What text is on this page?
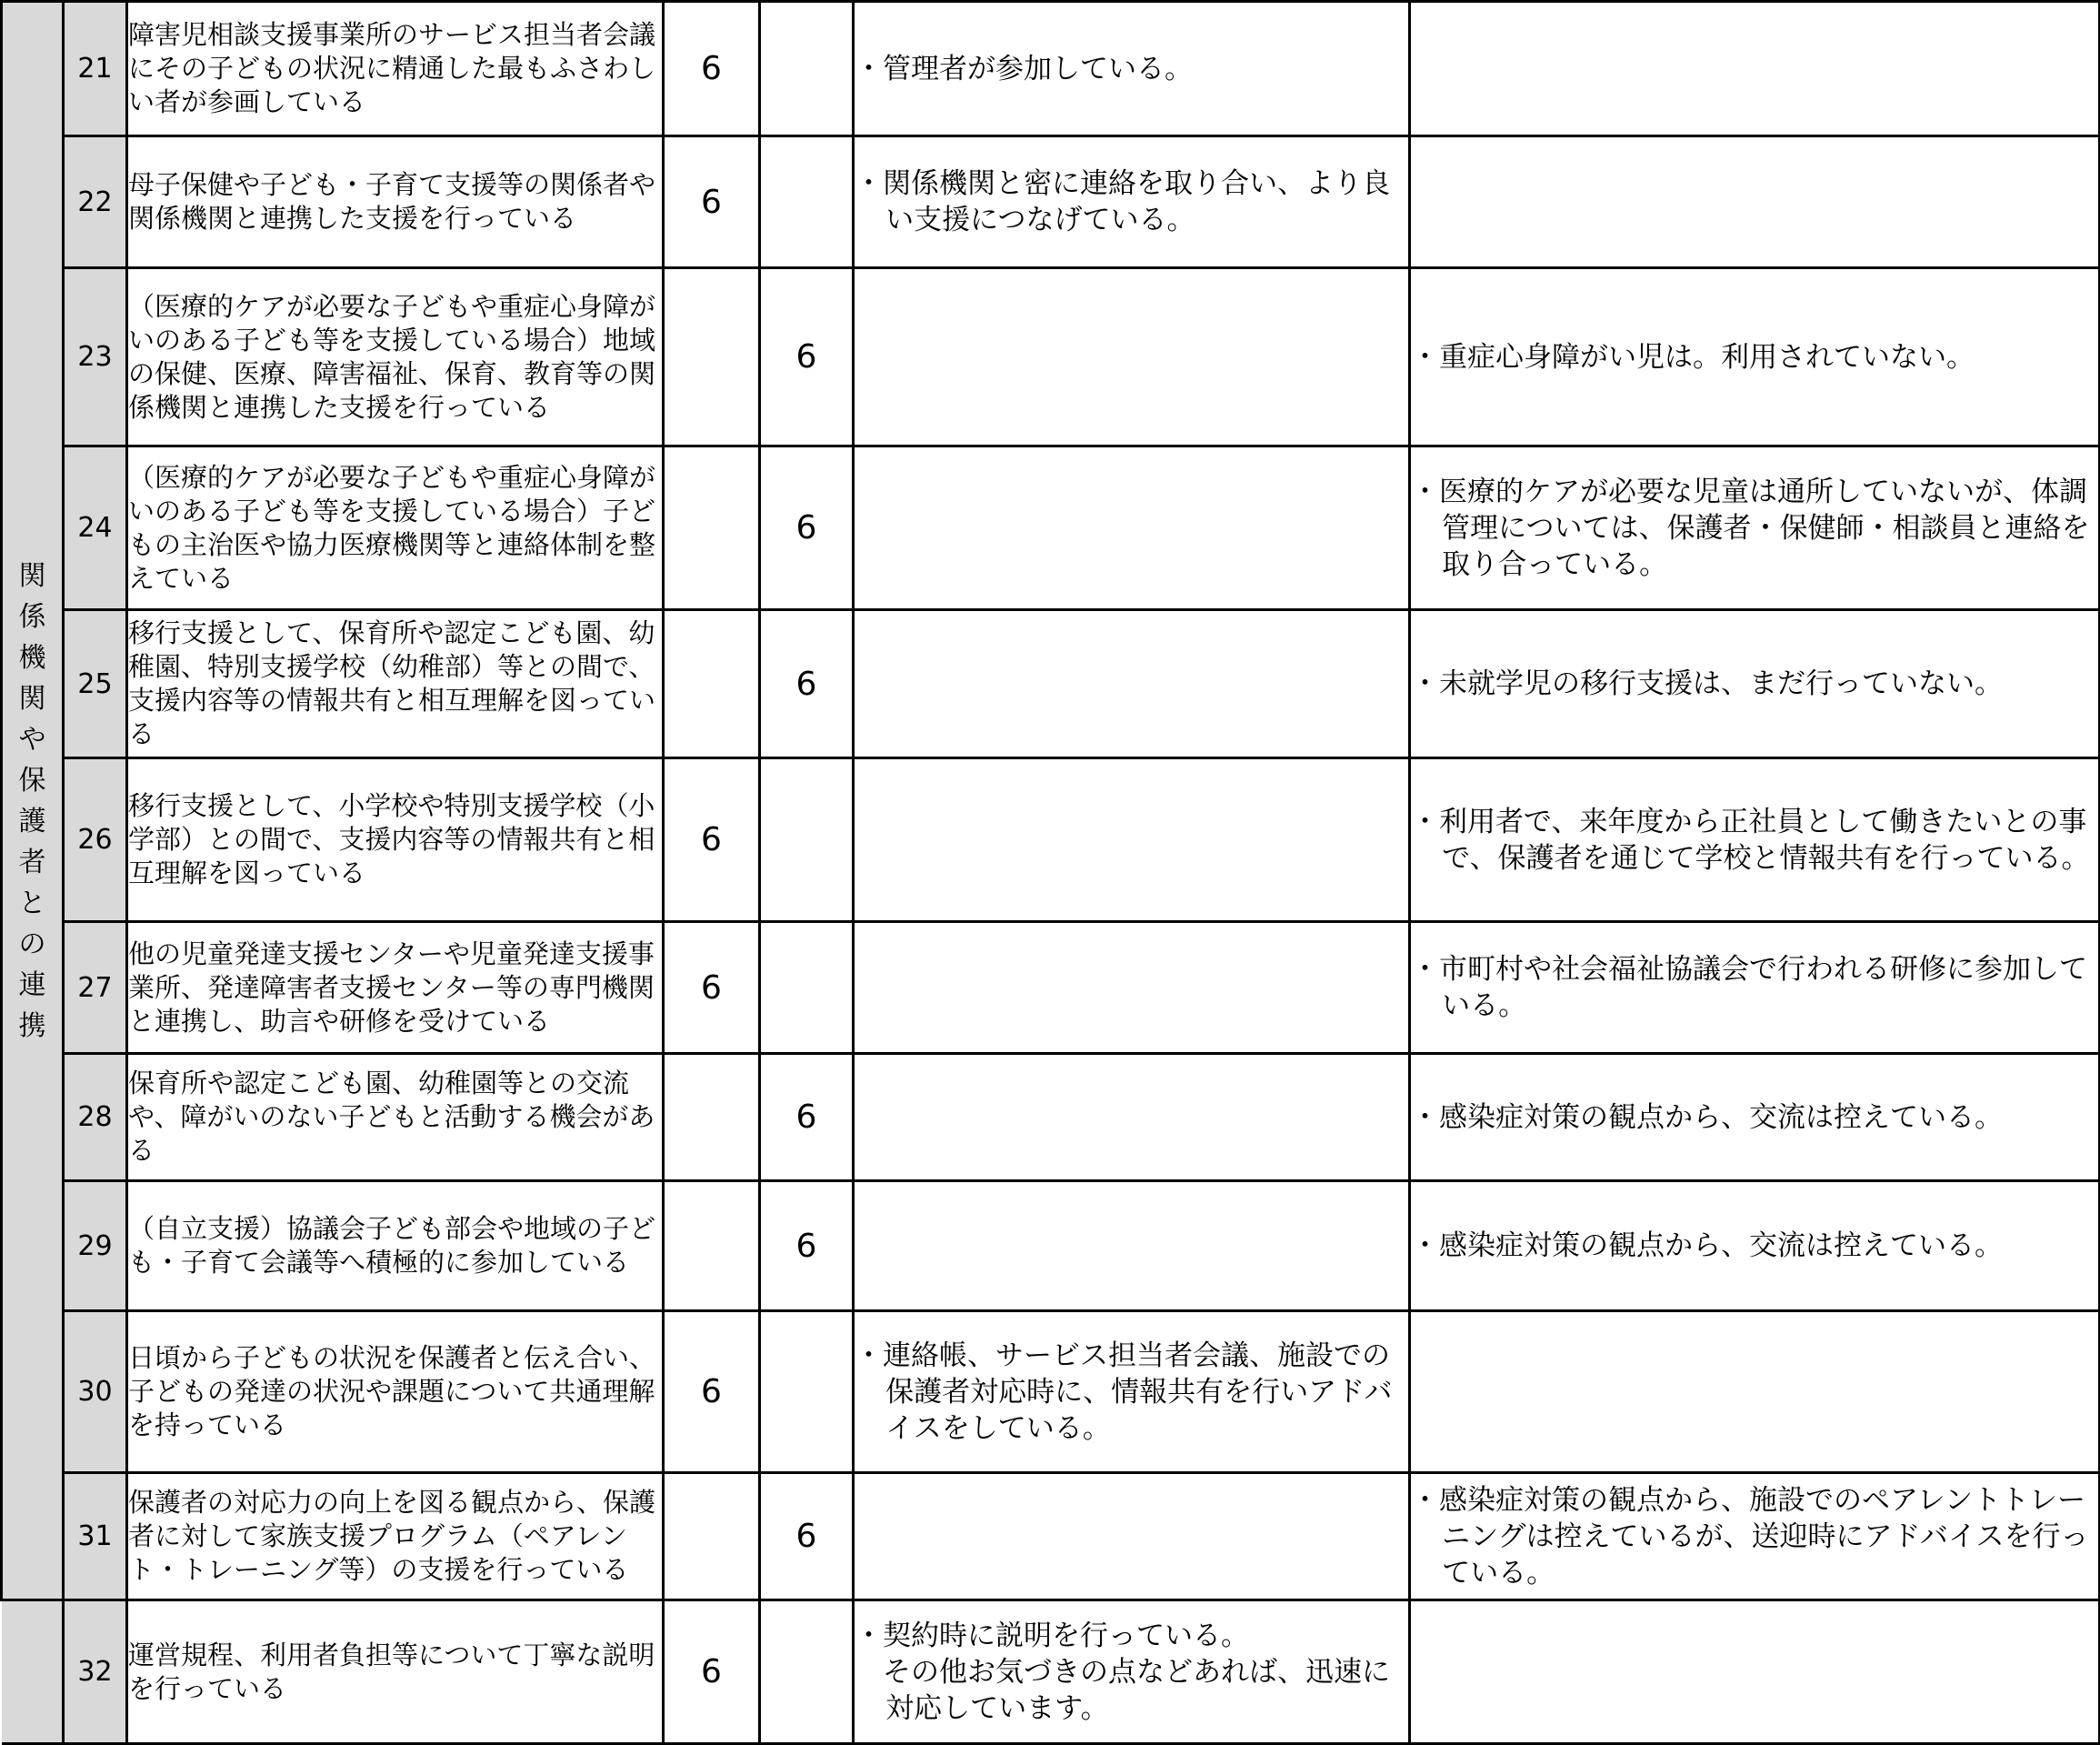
関係機関や保護者との連携	21	障害児相談支援事業所のサービス担当者会議にその子どもの状況に精通した最もふさわしい者が参画している	6		・管理者が参加している。	

	22	母子保健や子ども・子育て支援等の関係者や関係機関と連携した支援を行っている	6		・関係機関と密に連絡を取り合い、より良い支援につなげている。	

	23	（医療的ケアが必要な子どもや重症心身障がいのある子ども等を支援している場合）地域の保健、医療、障害福祉、保育、教育等の関係機関と連携した支援を行っている		6		・重症心身障がい児は。利用されていない。

	24	（医療的ケアが必要な子どもや重症心身障がいのある子ども等を支援している場合）子どもの主治医や協力医療機関等と連絡体制を整えている		6		・医療的ケアが必要な児童は通所していないが、体調管理については、保護者・保健師・相談員と連絡を取り合っている。

	25	移行支援として、保育所や認定こども園、幼稚園、特別支援学校（幼稚部）等との間で、支援内容等の情報共有と相互理解を図っている		6		・未就学児の移行支援は、まだ行っていない。

	26	移行支援として、小学校や特別支援学校（小学部）との間で、支援内容等の情報共有と相互理解を図っている	6			・利用者で、来年度から正社員として働きたいとの事で、保護者を通じて学校と情報共有を行っている。

	27	他の児童発達支援センターや児童発達支援事業所、発達障害者支援センター等の専門機関と連携し、助言や研修を受けている	6			・市町村や社会福祉協議会で行われる研修に参加している。

	28	保育所や認定こども園、幼稚園等との交流や、障がいのない子どもと活動する機会がある		6		・感染症対策の観点から、交流は控えている。

	29	（自立支援）協議会子ども部会や地域の子ども・子育て会議等へ積極的に参加している		6		・感染症対策の観点から、交流は控えている。

	30	日頃から子どもの状況を保護者と伝え合い、子どもの発達の状況や課題について共通理解を持っている	6		・連絡帳、サービス担当者会議、施設での保護者対応時に、情報共有を行いアドバイスをしている。	

	31	保護者の対応力の向上を図る観点から、保護者に対して家族支援プログラム（ペアレント・トレーニング等）の支援を行っている		6		・感染症対策の観点から、施設でのペアレントトレーニングは控えているが、送迎時にアドバイスを行っている。

	32	運営規程、利用者負担等について丁寧な説明を行っている	6		・契約時に説明を行っている。
　その他お気づきの点などあれば、迅速に対応しています。	
